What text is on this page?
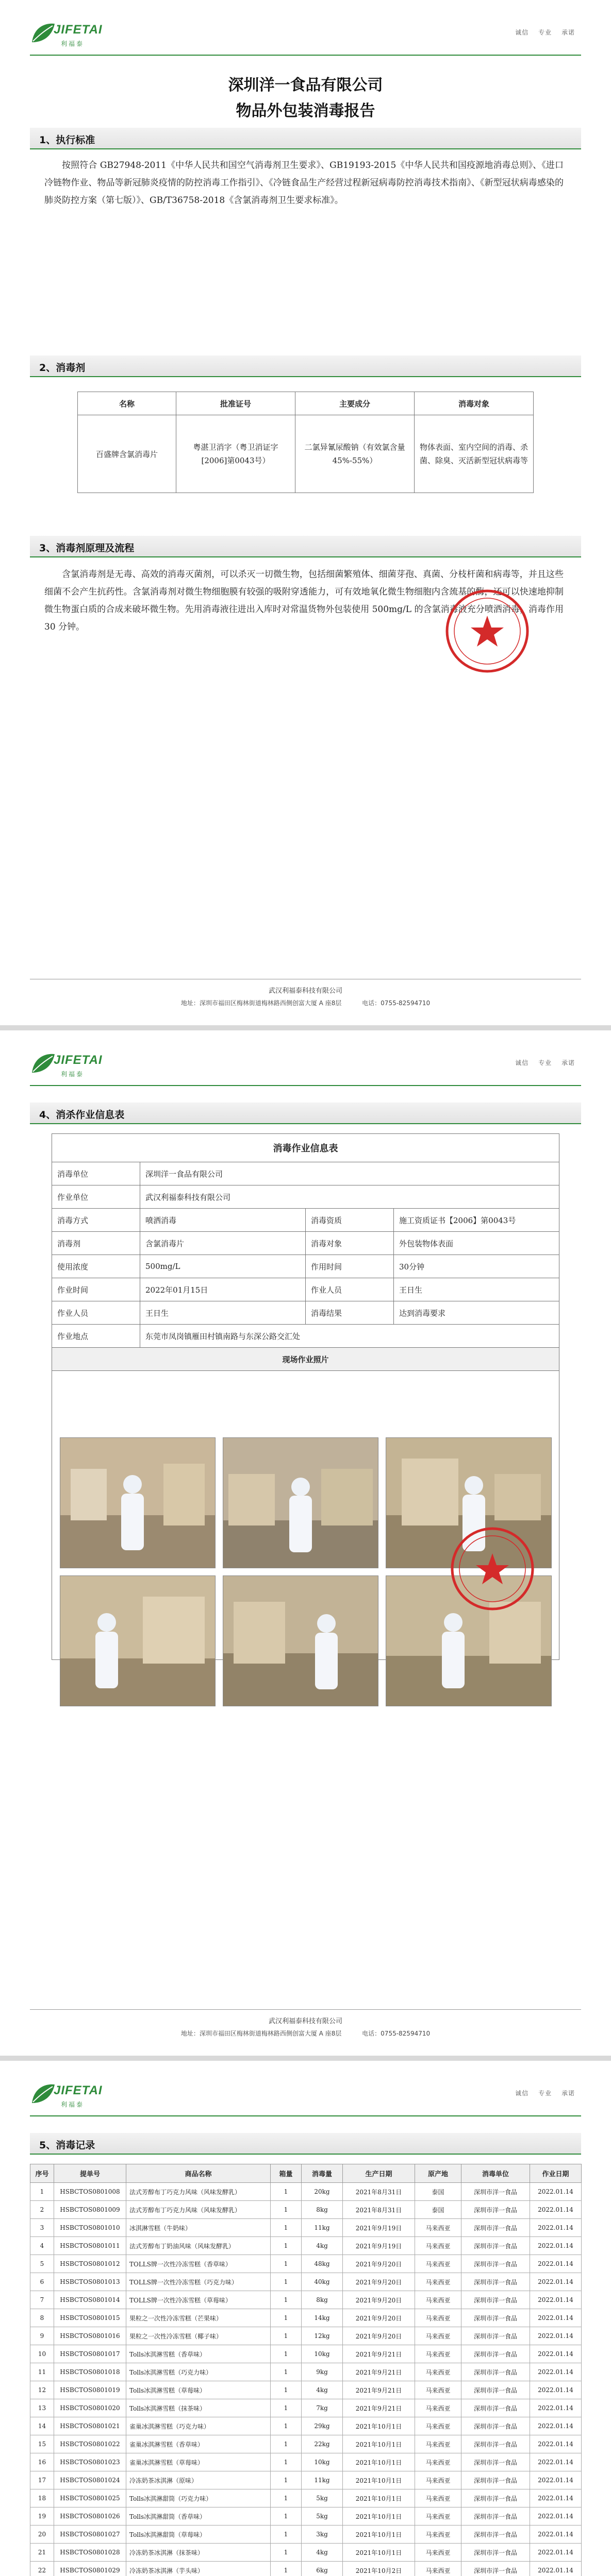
JIFETAI
利福泰
诚信 专业 承诺
深圳洋一食品有限公司
物品外包装消毒报告
1、执行标准
按照符合 GB27948-2011《中华人民共和国空气消毒剂卫生要求》、GB19193-2015《中华人民共和国疫源地消毒总则》、《进口冷链物作业、物品等新冠肺炎疫情的防控消毒工作指引》、《冷链食品生产经营过程新冠病毒防控消毒技术指南》、《新型冠状病毒感染的肺炎防控方案（第七版）》、GB/T36758-2018《含氯消毒剂卫生要求标准》。
2、消毒剂
名称	批准证号	主要成分	消毒对象
百盛牌含氯消毒片	粤湛卫消字（粤卫消证字[2006]第0043号）	二氯异氰尿酸钠（有效氯含量45%-55%）	物体表面、室内空间的消毒、杀菌、除臭、灭活新型冠状病毒等
3、消毒剂原理及流程
含氯消毒剂是无毒、高效的消毒灭菌剂，可以杀灭一切微生物，包括细菌繁殖体、细菌芽孢、真菌、分枝杆菌和病毒等，并且这些细菌不会产生抗药性。含氯消毒剂对微生物细胞膜有较强的吸附穿透能力，可有效地氧化微生物细胞内含巯基的酶，还可以快速地抑制微生物蛋白质的合成来破坏微生物。先用消毒液往进出入库时对常温货物外包装使用 500mg/L 的含氯消毒液充分喷洒消毒，消毒作用 30 分钟。
武汉利福泰科技有限公司
地址：深圳市福田区梅林街道梅林路西侧创富大厦 A 座8层	电话：0755-82594710
JIFETAI
利福泰
诚信 专业 承诺
4、消杀作业信息表
消毒作业信息表			
消毒单位	深圳洋一食品有限公司		
作业单位	武汉利福泰科技有限公司		
消毒方式	喷洒消毒	消毒资质	施工资质证书【2006】第0043号
消毒剂	含氯消毒片	消毒对象	外包装物体表面
使用浓度	500mg/L	作用时间	30分钟
作业时间	2022年01月15日	作业人员	王日生
作业人员	王日生	消毒结果	达到消毒要求
作业地点	东莞市凤岗镇雁田村镇南路与东深公路交汇处		
现场作业照片			

武汉利福泰科技有限公司
地址：深圳市福田区梅林街道梅林路西侧创富大厦 A 座8层	电话：0755-82594710
JIFETAI
利福泰
诚信 专业 承诺
5、消毒记录
序号	提单号	商品名称	箱量	消毒量	生产日期	原产地	消毒单位	作业日期
1	HSBCTOS0801008	法式芳醇布丁巧克力风味（风味发酵乳）	1	20kg	2021年8月31日	泰国	深圳市洋一食品	2022.01.14
2	HSBCTOS0801009	法式芳醇布丁巧克力风味（风味发酵乳）	1	8kg	2021年8月31日	泰国	深圳市洋一食品	2022.01.14
3	HSBCTOS0801010	冰淇淋雪糕（牛奶味）	1	11kg	2021年9月19日	马来西亚	深圳市洋一食品	2022.01.14
4	HSBCTOS0801011	法式芳醇布丁奶油风味（风味发酵乳）	1	4kg	2021年9月19日	马来西亚	深圳市洋一食品	2022.01.14
5	HSBCTOS0801012	TOLLS牌一次性冷冻雪糕（香草味）	1	48kg	2021年9月20日	马来西亚	深圳市洋一食品	2022.01.14
6	HSBCTOS0801013	TOLLS牌一次性冷冻雪糕（巧克力味）	1	40kg	2021年9月20日	马来西亚	深圳市洋一食品	2022.01.14
7	HSBCTOS0801014	TOLLS牌一次性冷冻雪糕（草莓味）	1	8kg	2021年9月20日	马来西亚	深圳市洋一食品	2022.01.14
8	HSBCTOS0801015	果粒之一次性冷冻雪糕（芒果味）	1	14kg	2021年9月20日	马来西亚	深圳市洋一食品	2022.01.14
9	HSBCTOS0801016	果粒之一次性冷冻雪糕（椰子味）	1	12kg	2021年9月20日	马来西亚	深圳市洋一食品	2022.01.14
10	HSBCTOS0801017	Tolls冰淇淋雪糕（香草味）	1	10kg	2021年9月21日	马来西亚	深圳市洋一食品	2022.01.14
11	HSBCTOS0801018	Tolls冰淇淋雪糕（巧克力味）	1	9kg	2021年9月21日	马来西亚	深圳市洋一食品	2022.01.14
12	HSBCTOS0801019	Tolls冰淇淋雪糕（草莓味）	1	4kg	2021年9月21日	马来西亚	深圳市洋一食品	2022.01.14
13	HSBCTOS0801020	Tolls冰淇淋雪糕（抹茶味）	1	7kg	2021年9月21日	马来西亚	深圳市洋一食品	2022.01.14
14	HSBCTOS0801021	雀巢冰淇淋雪糕（巧克力味）	1	29kg	2021年10月1日	马来西亚	深圳市洋一食品	2022.01.14
15	HSBCTOS0801022	雀巢冰淇淋雪糕（香草味）	1	22kg	2021年10月1日	马来西亚	深圳市洋一食品	2022.01.14
16	HSBCTOS0801023	雀巢冰淇淋雪糕（草莓味）	1	10kg	2021年10月1日	马来西亚	深圳市洋一食品	2022.01.14
17	HSBCTOS0801024	冷冻奶茶冰淇淋（原味）	1	11kg	2021年10月1日	马来西亚	深圳市洋一食品	2022.01.14
18	HSBCTOS0801025	Tolls冰淇淋甜筒（巧克力味）	1	5kg	2021年10月1日	马来西亚	深圳市洋一食品	2022.01.14
19	HSBCTOS0801026	Tolls冰淇淋甜筒（香草味）	1	5kg	2021年10月1日	马来西亚	深圳市洋一食品	2022.01.14
20	HSBCTOS0801027	Tolls冰淇淋甜筒（草莓味）	1	3kg	2021年10月1日	马来西亚	深圳市洋一食品	2022.01.14
21	HSBCTOS0801028	冷冻奶茶冰淇淋（抹茶味）	1	4kg	2021年10月1日	马来西亚	深圳市洋一食品	2022.01.14
22	HSBCTOS0801029	冷冻奶茶冰淇淋（芋头味）	1	6kg	2021年10月2日	马来西亚	深圳市洋一食品	2022.01.14
